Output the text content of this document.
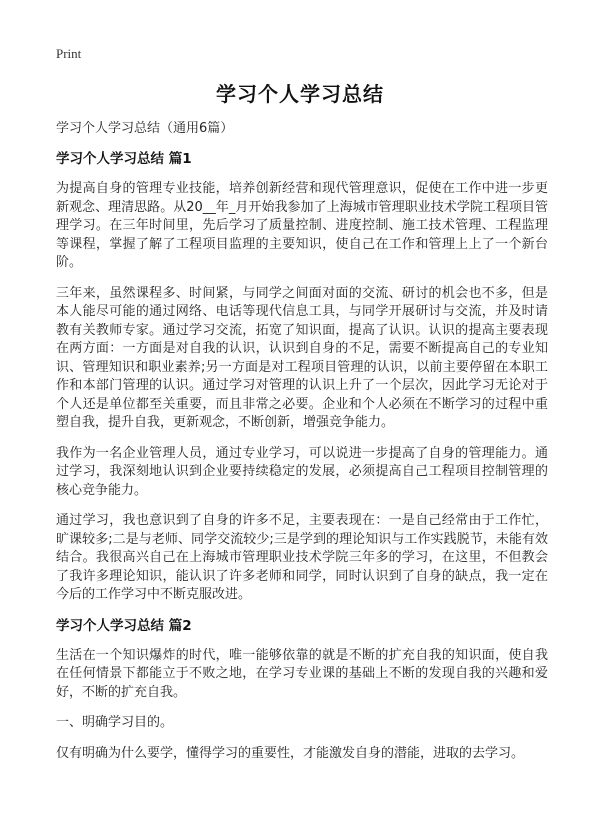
Print
学习个人学习总结

学习个人学习总结（通用6篇）

学习个人学习总结 篇1

为提高自身的管理专业技能，培养创新经营和现代管理意识，促使在工作中进一步更新观念、理清思路。从20__年_月开始我参加了上海城市管理职业技术学院工程项目管理学习。在三年时间里，先后学习了质量控制、进度控制、施工技术管理、工程监理等课程，掌握了解了工程项目监理的主要知识，使自己在工作和管理上上了一个新台阶。

三年来，虽然课程多、时间紧，与同学之间面对面的交流、研讨的机会也不多，但是本人能尽可能的通过网络、电话等现代信息工具，与同学开展研讨与交流，并及时请教有关教师专家。通过学习交流，拓宽了知识面，提高了认识。认识的提高主要表现在两方面：一方面是对自我的认识，认识到自身的不足，需要不断提高自己的专业知识、管理知识和职业素养;另一方面是对工程项目管理的认识，以前主要停留在本职工作和本部门管理的认识。通过学习对管理的认识上升了一个层次，因此学习无论对于个人还是单位都至关重要，而且非常之必要。企业和个人必须在不断学习的过程中重塑自我，提升自我，更新观念，不断创新，增强竞争能力。

我作为一名企业管理人员，通过专业学习，可以说进一步提高了自身的管理能力。通过学习，我深刻地认识到企业要持续稳定的发展，必须提高自己工程项目控制管理的核心竞争能力。

通过学习，我也意识到了自身的许多不足，主要表现在：一是自己经常由于工作忙，旷课较多;二是与老师、同学交流较少;三是学到的理论知识与工作实践脱节，未能有效结合。我很高兴自己在上海城市管理职业技术学院三年多的学习，在这里，不但教会了我许多理论知识，能认识了许多老师和同学，同时认识到了自身的缺点，我一定在今后的工作学习中不断克服改进。

学习个人学习总结 篇2

生活在一个知识爆炸的时代，唯一能够依靠的就是不断的扩充自我的知识面，使自我在任何情景下都能立于不败之地，在学习专业课的基础上不断的发现自我的兴趣和爱好，不断的扩充自我。

一、明确学习目的。

仅有明确为什么要学，懂得学习的重要性，才能激发自身的潜能，进取的去学习。
